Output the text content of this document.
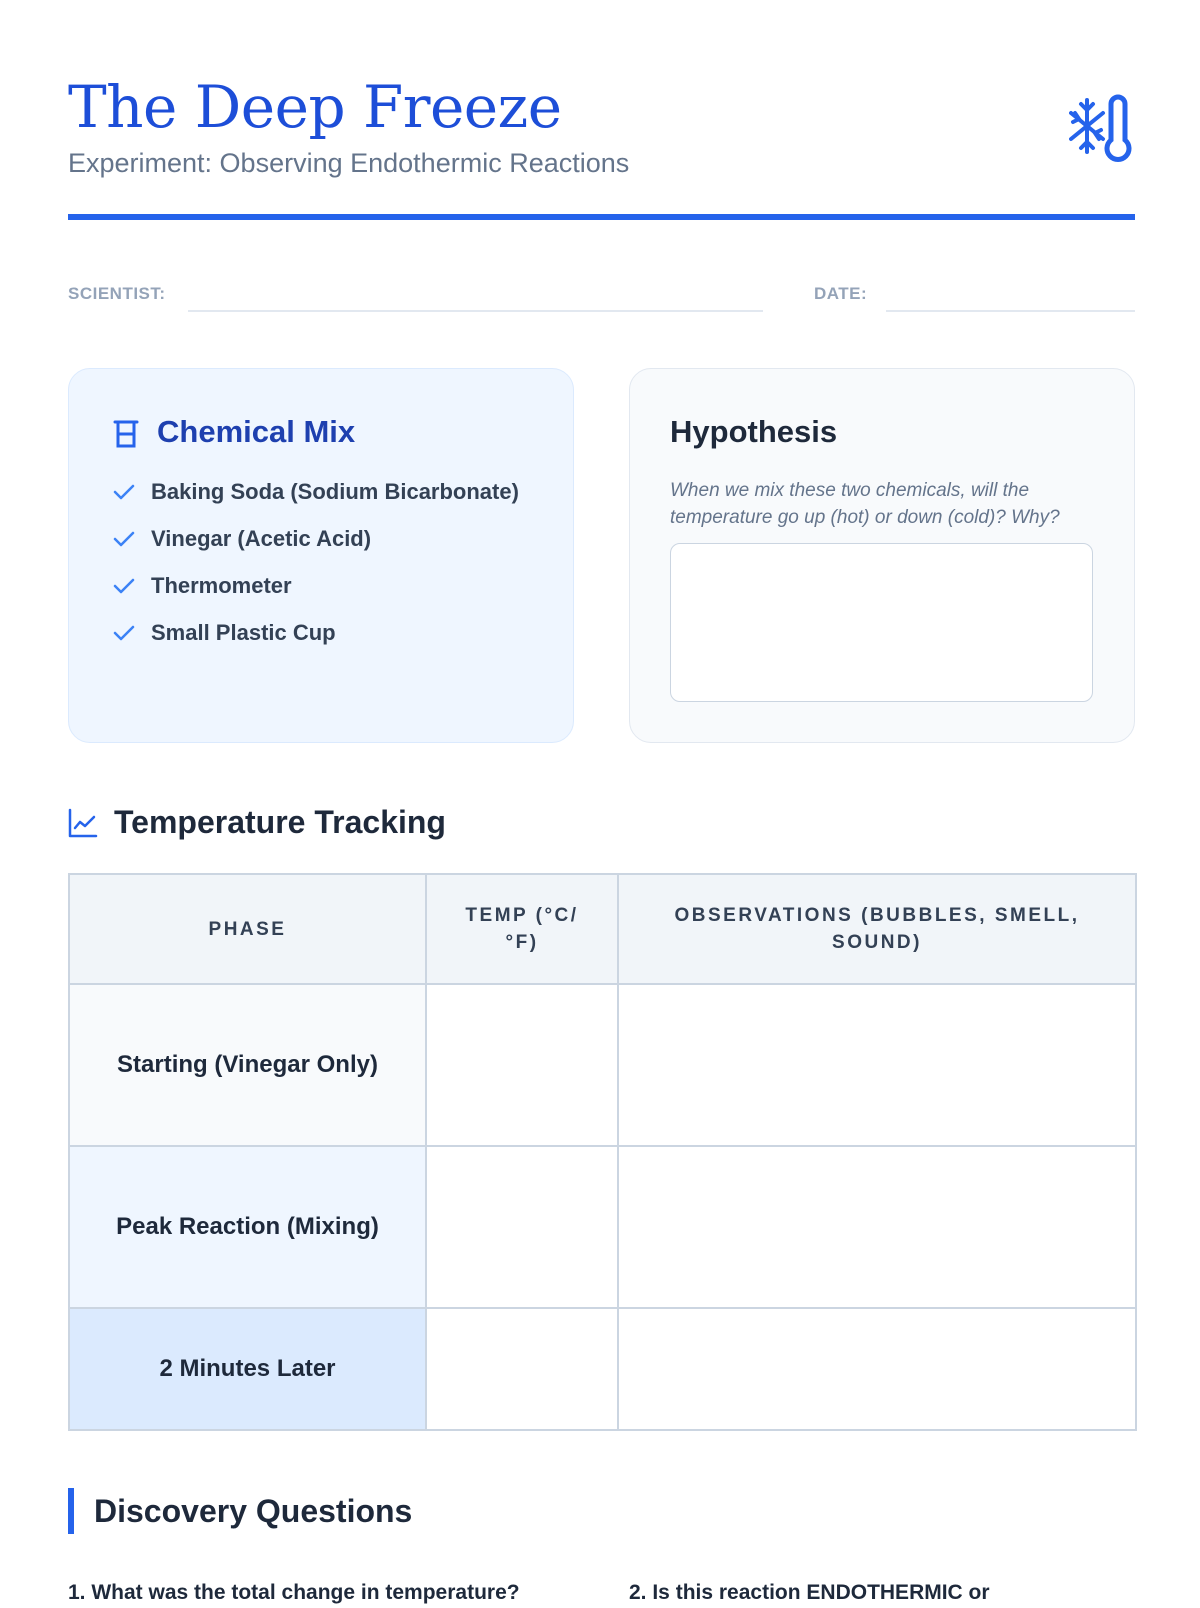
The Deep Freeze
Experiment: Observing Endothermic Reactions
SCIENTIST:	DATE:
Chemical Mix
Baking Soda (Sodium Bicarbonate)
Vinegar (Acetic Acid)
Thermometer
Small Plastic Cup
Hypothesis
When we mix these two chemicals, will the temperature go up (hot) or down (cold)? Why?
Temperature Tracking
PHASE	TEMP (°C/ °F)	OBSERVATIONS (BUBBLES, SMELL, SOUND)
Starting (Vinegar Only)		
Peak Reaction (Mixing)		
2 Minutes Later		
Discovery Questions
1. What was the total change in temperature?	2. Is this reaction ENDOTHERMIC or
